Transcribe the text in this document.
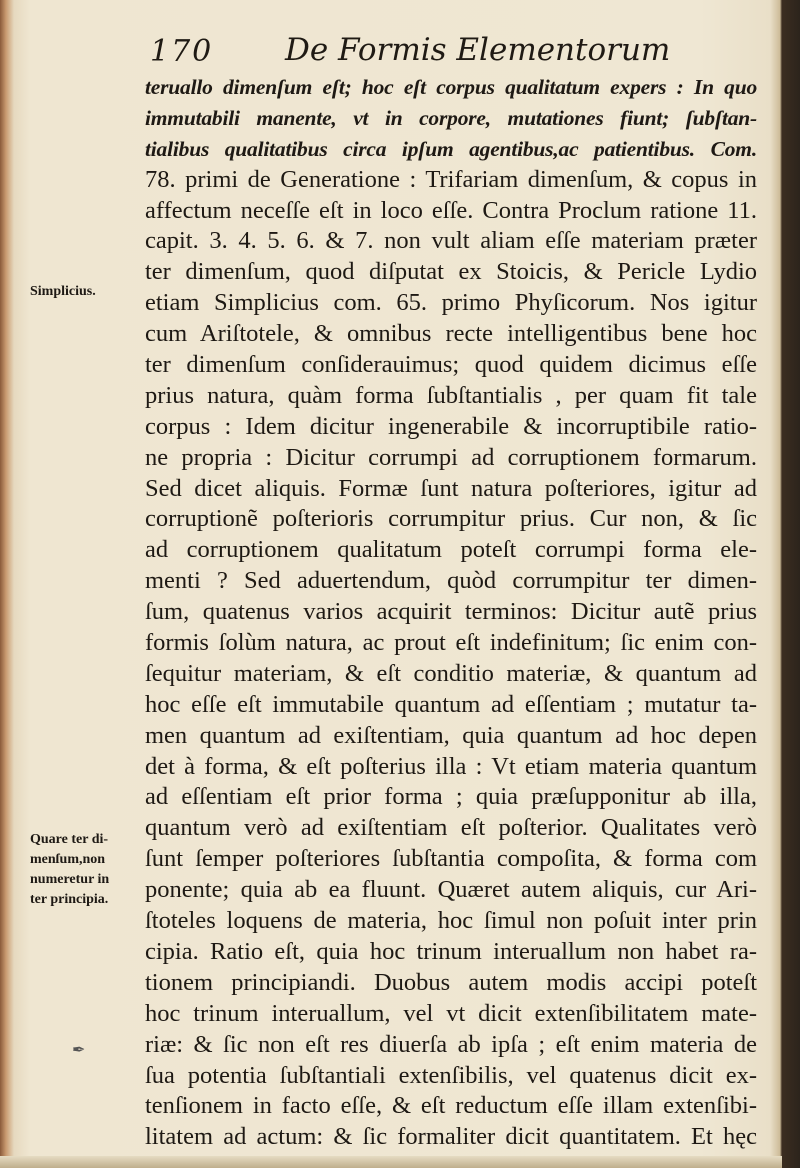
170 De Formis Elementorum
teruallo dimenſum eſt; hoc eſt corpus qualitatum expers : In quo
immutabili manente, vt in corpore, mutationes fiunt; ſubſtan-
tialibus qualitatibus circa ipſum agentibus,ac patientibus. Com.
78. primi de Generatione : Trifariam dimenſum, & copus in
affectum neceſſe eſt in loco eſſe. Contra Proclum ratione 11.
capit. 3. 4. 5. 6. & 7. non vult aliam eſſe materiam præter
ter dimenſum, quod diſputat ex Stoicis, & Pericle Lydio
etiam Simplicius com. 65. primo Phyſicorum. Nos igitur
cum Ariſtotele, & omnibus recte intelligentibus bene hoc
ter dimenſum conſiderauimus; quod quidem dicimus eſſe
prius natura, quàm forma ſubſtantialis , per quam fit tale
corpus : Idem dicitur ingenerabile & incorruptibile ratio-
ne propria : Dicitur corrumpi ad corruptionem formarum.
Sed dicet aliquis. Formæ ſunt natura poſteriores, igitur ad
corruptionẽ poſterioris corrumpitur prius. Cur non, & ſic
ad corruptionem qualitatum poteſt corrumpi forma ele-
menti ? Sed aduertendum, quòd corrumpitur ter dimen-
ſum, quatenus varios acquirit terminos: Dicitur autẽ prius
formis ſolùm natura, ac prout eſt indefinitum; ſic enim con-
ſequitur materiam, & eſt conditio materiæ, & quantum ad
hoc eſſe eſt immutabile quantum ad eſſentiam ; mutatur ta-
men quantum ad exiſtentiam, quia quantum ad hoc depen
det à forma, & eſt poſterius illa : Vt etiam materia quantum
ad eſſentiam eſt prior forma ; quia præſupponitur ab illa,
quantum verò ad exiſtentiam eſt poſterior. Qualitates verò
ſunt ſemper poſteriores ſubſtantia compoſita, & forma com
ponente; quia ab ea fluunt. Quæret autem aliquis, cur Ari-
ſtoteles loquens de materia, hoc ſimul non poſuit inter prin
cipia. Ratio eſt, quia hoc trinum interuallum non habet ra-
tionem principiandi. Duobus autem modis accipi poteſt
hoc trinum interuallum, vel vt dicit extenſibilitatem mate-
riæ: & ſic non eſt res diuerſa ab ipſa ; eſt enim materia de
ſua potentia ſubſtantiali extenſibilis, vel quatenus dicit ex-
tenſionem in facto eſſe, & eſt reductum eſſe illam extenſibi-
litatem ad actum: & ſic formaliter dicit quantitatem. Et hęc
Simplicius.
Quare ter di-
menſum,non
numeretur in
ter principia.
✒
